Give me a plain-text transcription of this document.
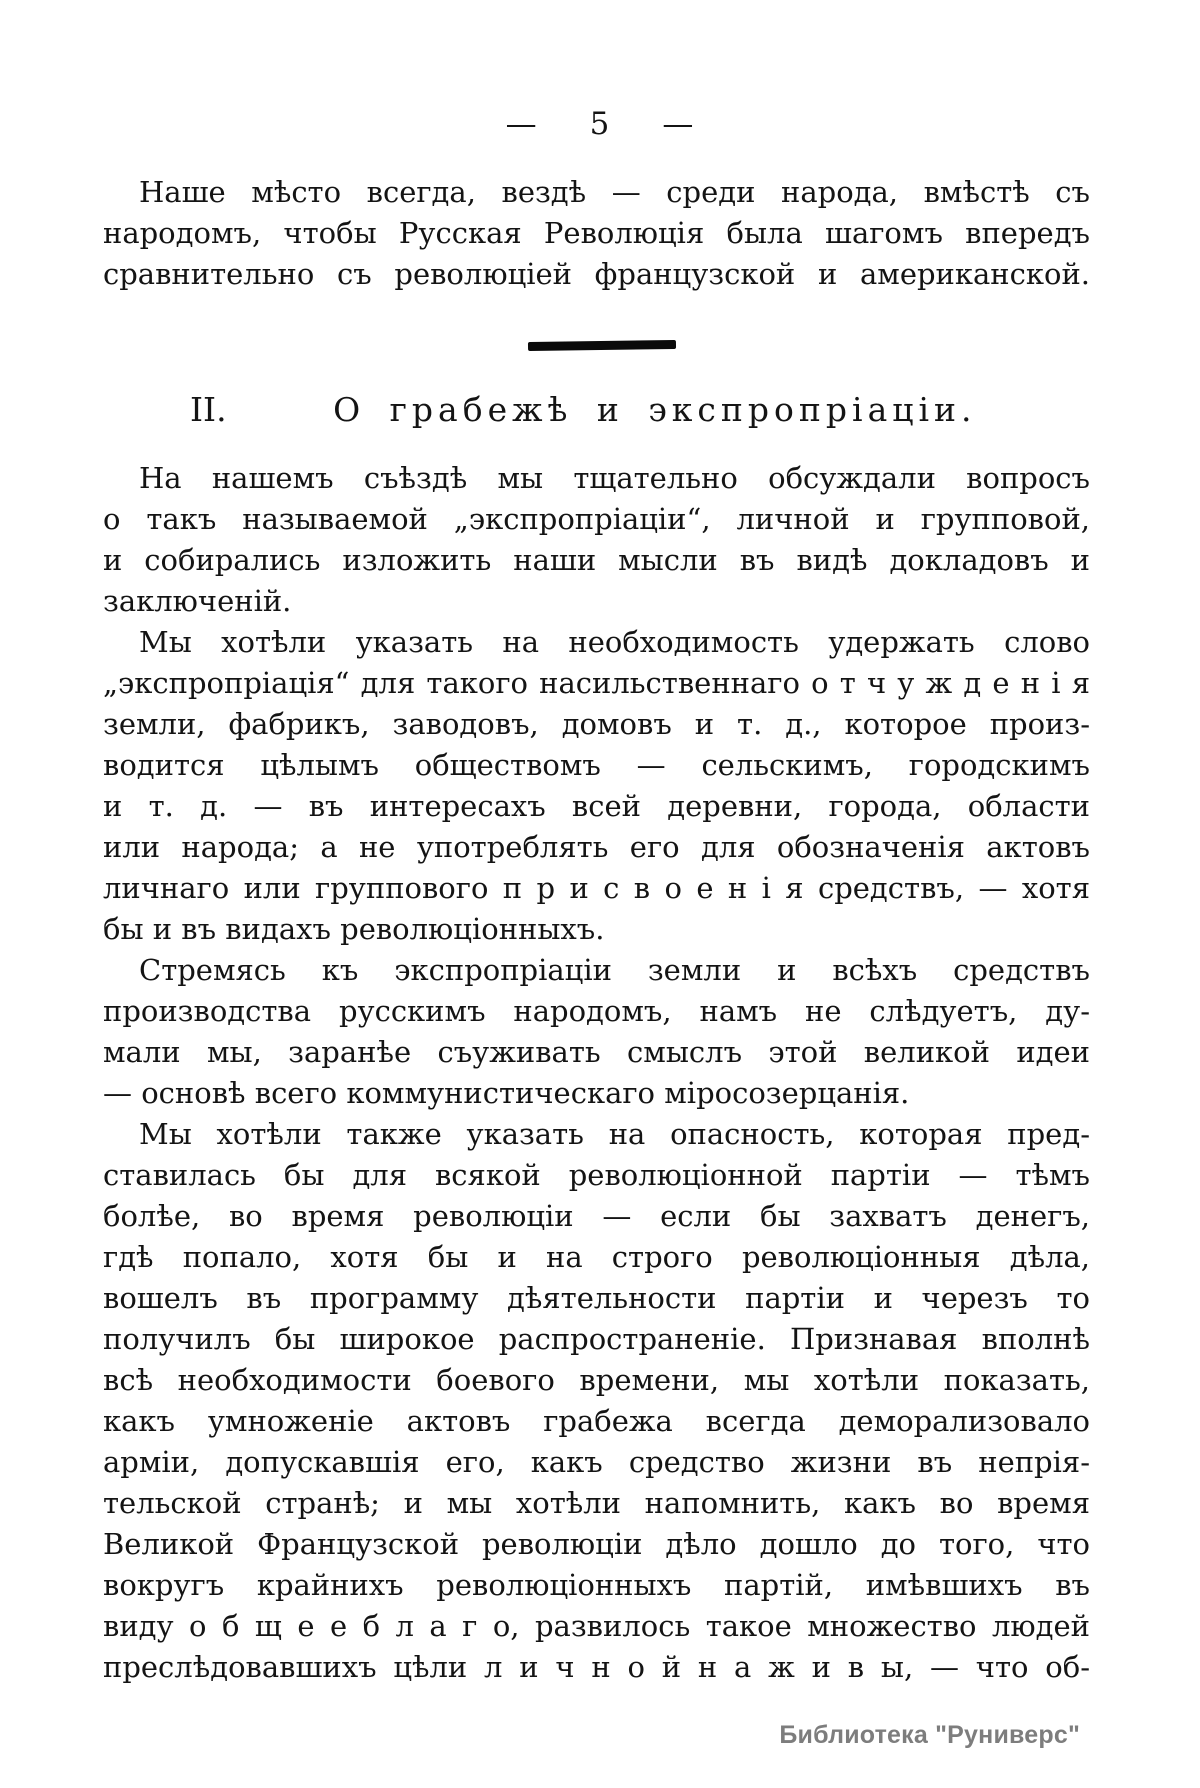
— 5 —
Наше мѣсто всегда, вездѣ — среди народа, вмѣстѣ съ
народомъ, чтобы Русская Революція была шагомъ впередъ
сравнительно съ революціей французской и американской.
II.	О грабежѣ и экспропріаціи.
На нашемъ съѣздѣ мы тщательно обсуждали вопросъ
о такъ называемой „экспропріаціи“, личной и групповой,
и собирались изложить наши мысли въ видѣ докладовъ и
заключеній.
Мы хотѣли указать на необходимость удержать слово
„экспропріація“ для такого насильственнаго о т ч у ж д е н і я
земли, фабрикъ, заводовъ, домовъ и т. д., которое произ-
водится цѣлымъ обществомъ — сельскимъ, городскимъ
и т. д. — въ интересахъ всей деревни, города, области
или народа; а не употреблять его для обозначенія актовъ
личнаго или группового п р и с в о е н і я средствъ, — хотя
бы и въ видахъ революціонныхъ.
Стремясь къ экспропріаціи земли и всѣхъ средствъ
производства русскимъ народомъ, намъ не слѣдуетъ, ду-
мали мы, заранѣе съуживать смыслъ этой великой идеи
— основѣ всего коммунистическаго міросозерцанія.
Мы хотѣли также указать на опасность, которая пред-
ставилась бы для всякой революціонной партіи — тѣмъ
болѣе, во время революціи — если бы захватъ денегъ,
гдѣ попало, хотя бы и на строго революціонныя дѣла,
вошелъ въ программу дѣятельности партіи и черезъ то
получилъ бы широкое распространеніе. Признавая вполнѣ
всѣ необходимости боевого времени, мы хотѣли показать,
какъ умноженіе актовъ грабежа всегда деморализовало
арміи, допускавшія его, какъ средство жизни въ непрія-
тельской странѣ; и мы хотѣли напомнить, какъ во время
Великой Французской революціи дѣло дошло до того, что
вокругъ крайнихъ революціонныхъ партій, имѣвшихъ въ
виду о б щ е е б л а г о, развилось такое множество людей
преслѣдовавшихъ цѣли л и ч н о й н а ж и в ы, — что об-
Библиотека "Руниверс"
